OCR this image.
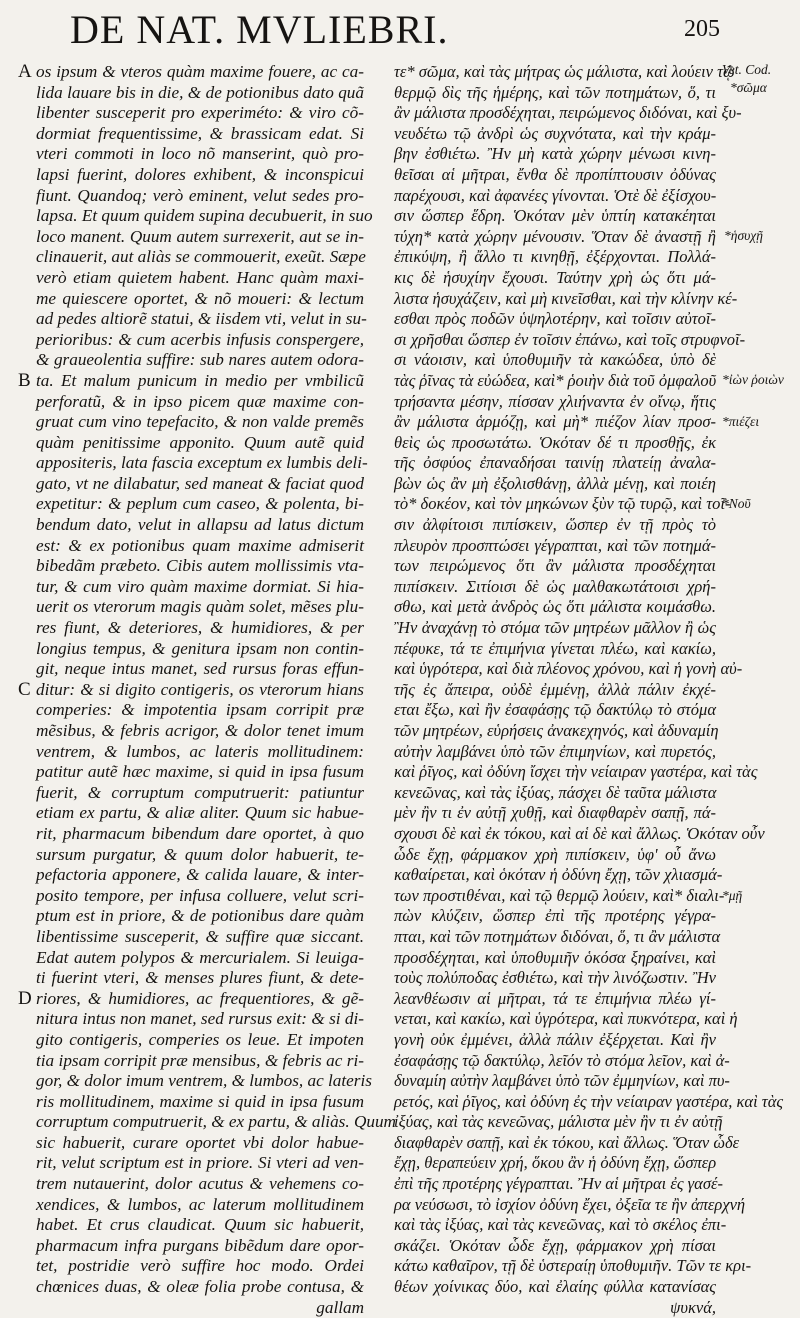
DE NAT. MVLIEBRI.	205
os ipsum & vteros quàm maxime fouere, ac ca-
lida lauare bis in die, & de potionibus dato quã
libenter susceperit pro experiméto: & viro cõ-
dormiat frequentissime, & brassicam edat. Si
vteri commoti in loco nõ manserint, quò pro-
lapsi fuerint, dolores exhibent, & inconspicui
fiunt. Quandoq; verò eminent, velut sedes pro-
lapsa. Et quum quidem supina decubuerit, in suo
loco manent. Quum autem surrexerit, aut se in-
clinauerit, aut aliàs se commouerit, exeũt. Sæpe
verò etiam quietem habent. Hanc quàm maxi-
me quiescere oportet, & nõ moueri: & lectum
ad pedes altiorẽ statui, & iisdem vti, velut in su-
perioribus: & cum acerbis infusis conspergere,
& graueolentia suffire: sub nares autem odora-
ta. Et malum punicum in medio per vmbilicũ
perforatũ, & in ipso picem quæ maxime con-
gruat cum vino tepefacito, & non valde premẽs
quàm penitissime apponito. Quum autẽ quid
appositeris, lata fascia exceptum ex lumbis deli-
gato, vt ne dilabatur, sed maneat & faciat quod
expetitur: & peplum cum caseo, & polenta, bi-
bendum dato, velut in allapsu ad latus dictum
est: & ex potionibus quam maxime admiserit
bibedãm præbeto. Cibis autem mollissimis vta-
tur, & cum viro quàm maxime dormiat. Si hia-
uerit os vterorum magis quàm solet, mẽses plu-
res fiunt, & deteriores, & humidiores, & per
longius tempus, & genitura ipsam non contin-
git, neque intus manet, sed rursus foras effun-
ditur: & si digito contigeris, os vterorum hians
comperies: & impotentia ipsam corripit præ
mẽsibus, & febris acrigor, & dolor tenet imum
ventrem, & lumbos, ac lateris mollitudinem:
patitur autẽ hæc maxime, si quid in ipsa fusum
fuerit, & corruptum computruerit: patiuntur
etiam ex partu, & aliæ aliter. Quum sic habue-
rit, pharmacum bibendum dare oportet, à quo
sursum purgatur, & quum dolor habuerit, te-
pefactoria apponere, & calida lauare, & inter-
posito tempore, per infusa colluere, velut scri-
ptum est in priore, & de potionibus dare quàm
libentissime susceperit, & suffire quæ siccant.
Edat autem polypos & mercurialem. Si leuiga-
ti fuerint vteri, & menses plures fiunt, & dete-
riores, & humidiores, ac frequentiores, & gẽ-
nitura intus non manet, sed rursus exit: & si di-
gito contigeris, comperies os leue. Et impoten
tia ipsam corripit præ mensibus, & febris ac ri-
gor, & dolor imum ventrem, & lumbos, ac lateris
ris mollitudinem, maxime si quid in ipsa fusum
corruptum computruerit, & ex partu, & aliàs. Quum
sic habuerit, curare oportet vbi dolor habue-
rit, velut scriptum est in priore. Si vteri ad ven-
trem nutauerint, dolor acutus & vehemens co-
xendices, & lumbos, ac laterum mollitudinem
habet. Et crus claudicat. Quum sic habuerit,
pharmacum infra purgans bibẽdum dare opor-
tet, postridie verò suffire hoc modo. Ordei
chœnices duas, & oleæ folia probe contusa, &
gallam
τε* σῶμα, καὶ τὰς μήτρας ὡς μάλιστα, καὶ λούειν τῷ
θερμῷ δὶς τῆς ἡμέρης, καὶ τῶν ποτημάτων, ὅ, τι
ἂν μάλιστα προσδέχηται, πειρώμενος διδόναι, καὶ ξυ-
νευδέτω τῷ ἀνδρὶ ὡς συχνότατα, καὶ τὴν κράμ-
βην ἐσθιέτω. Ἢν μὴ κατὰ χώρην μένωσι κινη-
θεῖσαι αἱ μῆτραι, ἔνθα δὲ προπίπτουσιν ὀδύνας
παρέχουσι, καὶ ἀφανέες γίνονται. Ὁτὲ δὲ ἐξίσχου-
σιν ὥσπερ ἕδρη. Ὁκόταν μὲν ὑπτίη κατακέηται
τύχη* κατὰ χώρην μένουσιν. Ὅταν δὲ ἀναστῇ ἢ
ἐπικύψη, ἢ ἄλλο τι κινηθῇ, ἐξέρχονται. Πολλά-
κις δὲ ἡσυχίην ἔχουσι. Ταύτην χρὴ ὡς ὅτι μά-
λιστα ἡσυχάζειν, καὶ μὴ κινεῖσθαι, καὶ τὴν κλίνην κέ-
εσθαι πρὸς ποδῶν ὑψηλοτέρην, καὶ τοῖσιν αὐτοῖ-
σι χρῆσθαι ὥσπερ ἐν τοῖσιν ἐπάνω, καὶ τοῖς στρυφνοῖ-
σι νάοισιν, καὶ ὑποθυμιῆν τὰ κακώδεα, ὑπὸ δὲ
τὰς ῥῖνας τὰ εὐώδεα, καὶ* ῥοιὴν διὰ τοῦ ὀμφαλοῦ
τρήσαντα μέσην, πίσσαν χλιήναντα ἐν οἴνῳ, ἥτις
ἂν μάλιστα ἁρμόζῃ, καὶ μὴ* πιέζον λίαν προσ-
θεὶς ὡς προσωτάτω. Ὁκόταν δέ τι προσθῇς, ἐκ
τῆς ὀσφύος ἐπαναδήσαι ταινίῃ πλατείῃ ἀναλα-
βὼν ὡς ἂν μὴ ἐξολισθάνῃ, ἀλλὰ μένῃ, καὶ ποιέη
τὸ* δοκέον, καὶ τὸν μηκώνων ξὺν τῷ τυρῷ, καὶ τοῖ-
σιν ἀλφίτοισι πιπίσκειν, ὥσπερ ἐν τῇ πρὸς τὸ
πλευρὸν προσπτώσει γέγραπται, καὶ τῶν ποτημά-
των πειρώμενος ὅτι ἂν μάλιστα προσδέχηται
πιπίσκειν. Σιτίοισι δὲ ὡς μαλθακωτάτοισι χρή-
σθω, καὶ μετὰ ἀνδρὸς ὡς ὅτι μάλιστα κοιμάσθω.
Ἢν ἀναχάνῃ τὸ στόμα τῶν μητρέων μᾶλλον ἢ ὡς
πέφυκε, τά τε ἐπιμήνια γίνεται πλέω, καὶ κακίω,
καὶ ὑγρότερα, καὶ διὰ πλέονος χρόνου, καὶ ἡ γονὴ αὐ-
τῆς ἐς ἄπειρα, οὐδὲ ἐμμένῃ, ἀλλὰ πάλιν ἐκχέ-
εται ἔξω, καὶ ἢν ἐσαφάσῃς τῷ δακτύλῳ τὸ στόμα
τῶν μητρέων, εὑρήσεις ἀνακεχηνός, καὶ ἀδυναμίη
αὐτὴν λαμβάνει ὑπὸ τῶν ἐπιμηνίων, καὶ πυρετός,
καὶ ῥῖγος, καὶ ὀδύνη ἴσχει τὴν νείαιραν γαστέρα, καὶ τὰς
κενεῶνας, καὶ τὰς ἰξύας, πάσχει δὲ ταῦτα μάλιστα
μὲν ἢν τι ἐν αὐτῇ χυθῇ, καὶ διαφθαρὲν σαπῇ, πά-
σχουσι δὲ καὶ ἐκ τόκου, καὶ αἱ δὲ καὶ ἄλλως. Ὁκόταν οὖν
ὧδε ἔχῃ, φάρμακον χρὴ πιπίσκειν, ὑφ' οὗ ἄνω
καθαίρεται, καὶ ὁκόταν ἡ ὀδύνη ἔχῃ, τῶν χλιασμά-
των προστιθέναι, καὶ τῷ θερμῷ λούειν, καὶ* διαλι-
πὼν κλύζειν, ὥσπερ ἐπὶ τῆς προτέρης γέγρα-
πται, καὶ τῶν ποτημάτων διδόναι, ὅ, τι ἂν μάλιστα
προσδέχηται, καὶ ὑποθυμιῆν ὁκόσα ξηραίνει, καὶ
τοὺς πολύποδας ἐσθιέτω, καὶ τὴν λινόζωστιν. Ἢν
λεανθέωσιν αἱ μῆτραι, τά τε ἐπιμήνια πλέω γί-
νεται, καὶ κακίω, καὶ ὑγρότερα, καὶ πυκνότερα, καὶ ἡ
γονὴ οὐκ ἐμμένει, ἀλλὰ πάλιν ἐξέρχεται. Καὶ ἢν
ἐσαφάσῃς τῷ δακτύλῳ, λεῖόν τὸ στόμα λεῖον, καὶ ἀ-
δυναμίη αὐτὴν λαμβάνει ὑπὸ τῶν ἐμμηνίων, καὶ πυ-
ρετός, καὶ ῥῖγος, καὶ ὀδύνη ἐς τὴν νείαιραν γαστέρα, καὶ τὰς
ἰξύας, καὶ τὰς κενεῶνας, μάλιστα μὲν ἢν τι ἐν αὐτῇ
διαφθαρὲν σαπῇ, καὶ ἐκ τόκου, καὶ ἄλλως. Ὅταν ὧδε
ἔχῃ, θεραπεύειν χρή, ὅκου ἂν ἡ ὀδύνη ἔχῃ, ὥσπερ
ἐπὶ τῆς προτέρης γέγραπται. Ἢν αἱ μῆτραι ἐς γασέ-
ρα νεύσωσι, τὸ ἰσχίον ὀδύνη ἔχει, ὀξεῖα τε ἢν ἀπερχνή
καὶ τὰς ἰξύας, καὶ τὰς κενεῶνας, καὶ τὸ σκέλος ἐπι-
σκάζει. Ὁκόταν ὧδε ἔχῃ, φάρμακον χρὴ πίσαι
κάτω καθαῖρον, τῇ δὲ ὑστεραίῃ ὑποθυμιῆν. Τῶν τε κρι-
θέων χοίνικας δύο, καὶ ἐλαίης φύλλα κατανίσας
ψυκνά,
A
B
C
D
Vet. Cod.
*σῶμα
*ἡσυχῇ
*ἰὼν ῥοιὼν
*πιέζει
*Νοῦ
*μῇ
